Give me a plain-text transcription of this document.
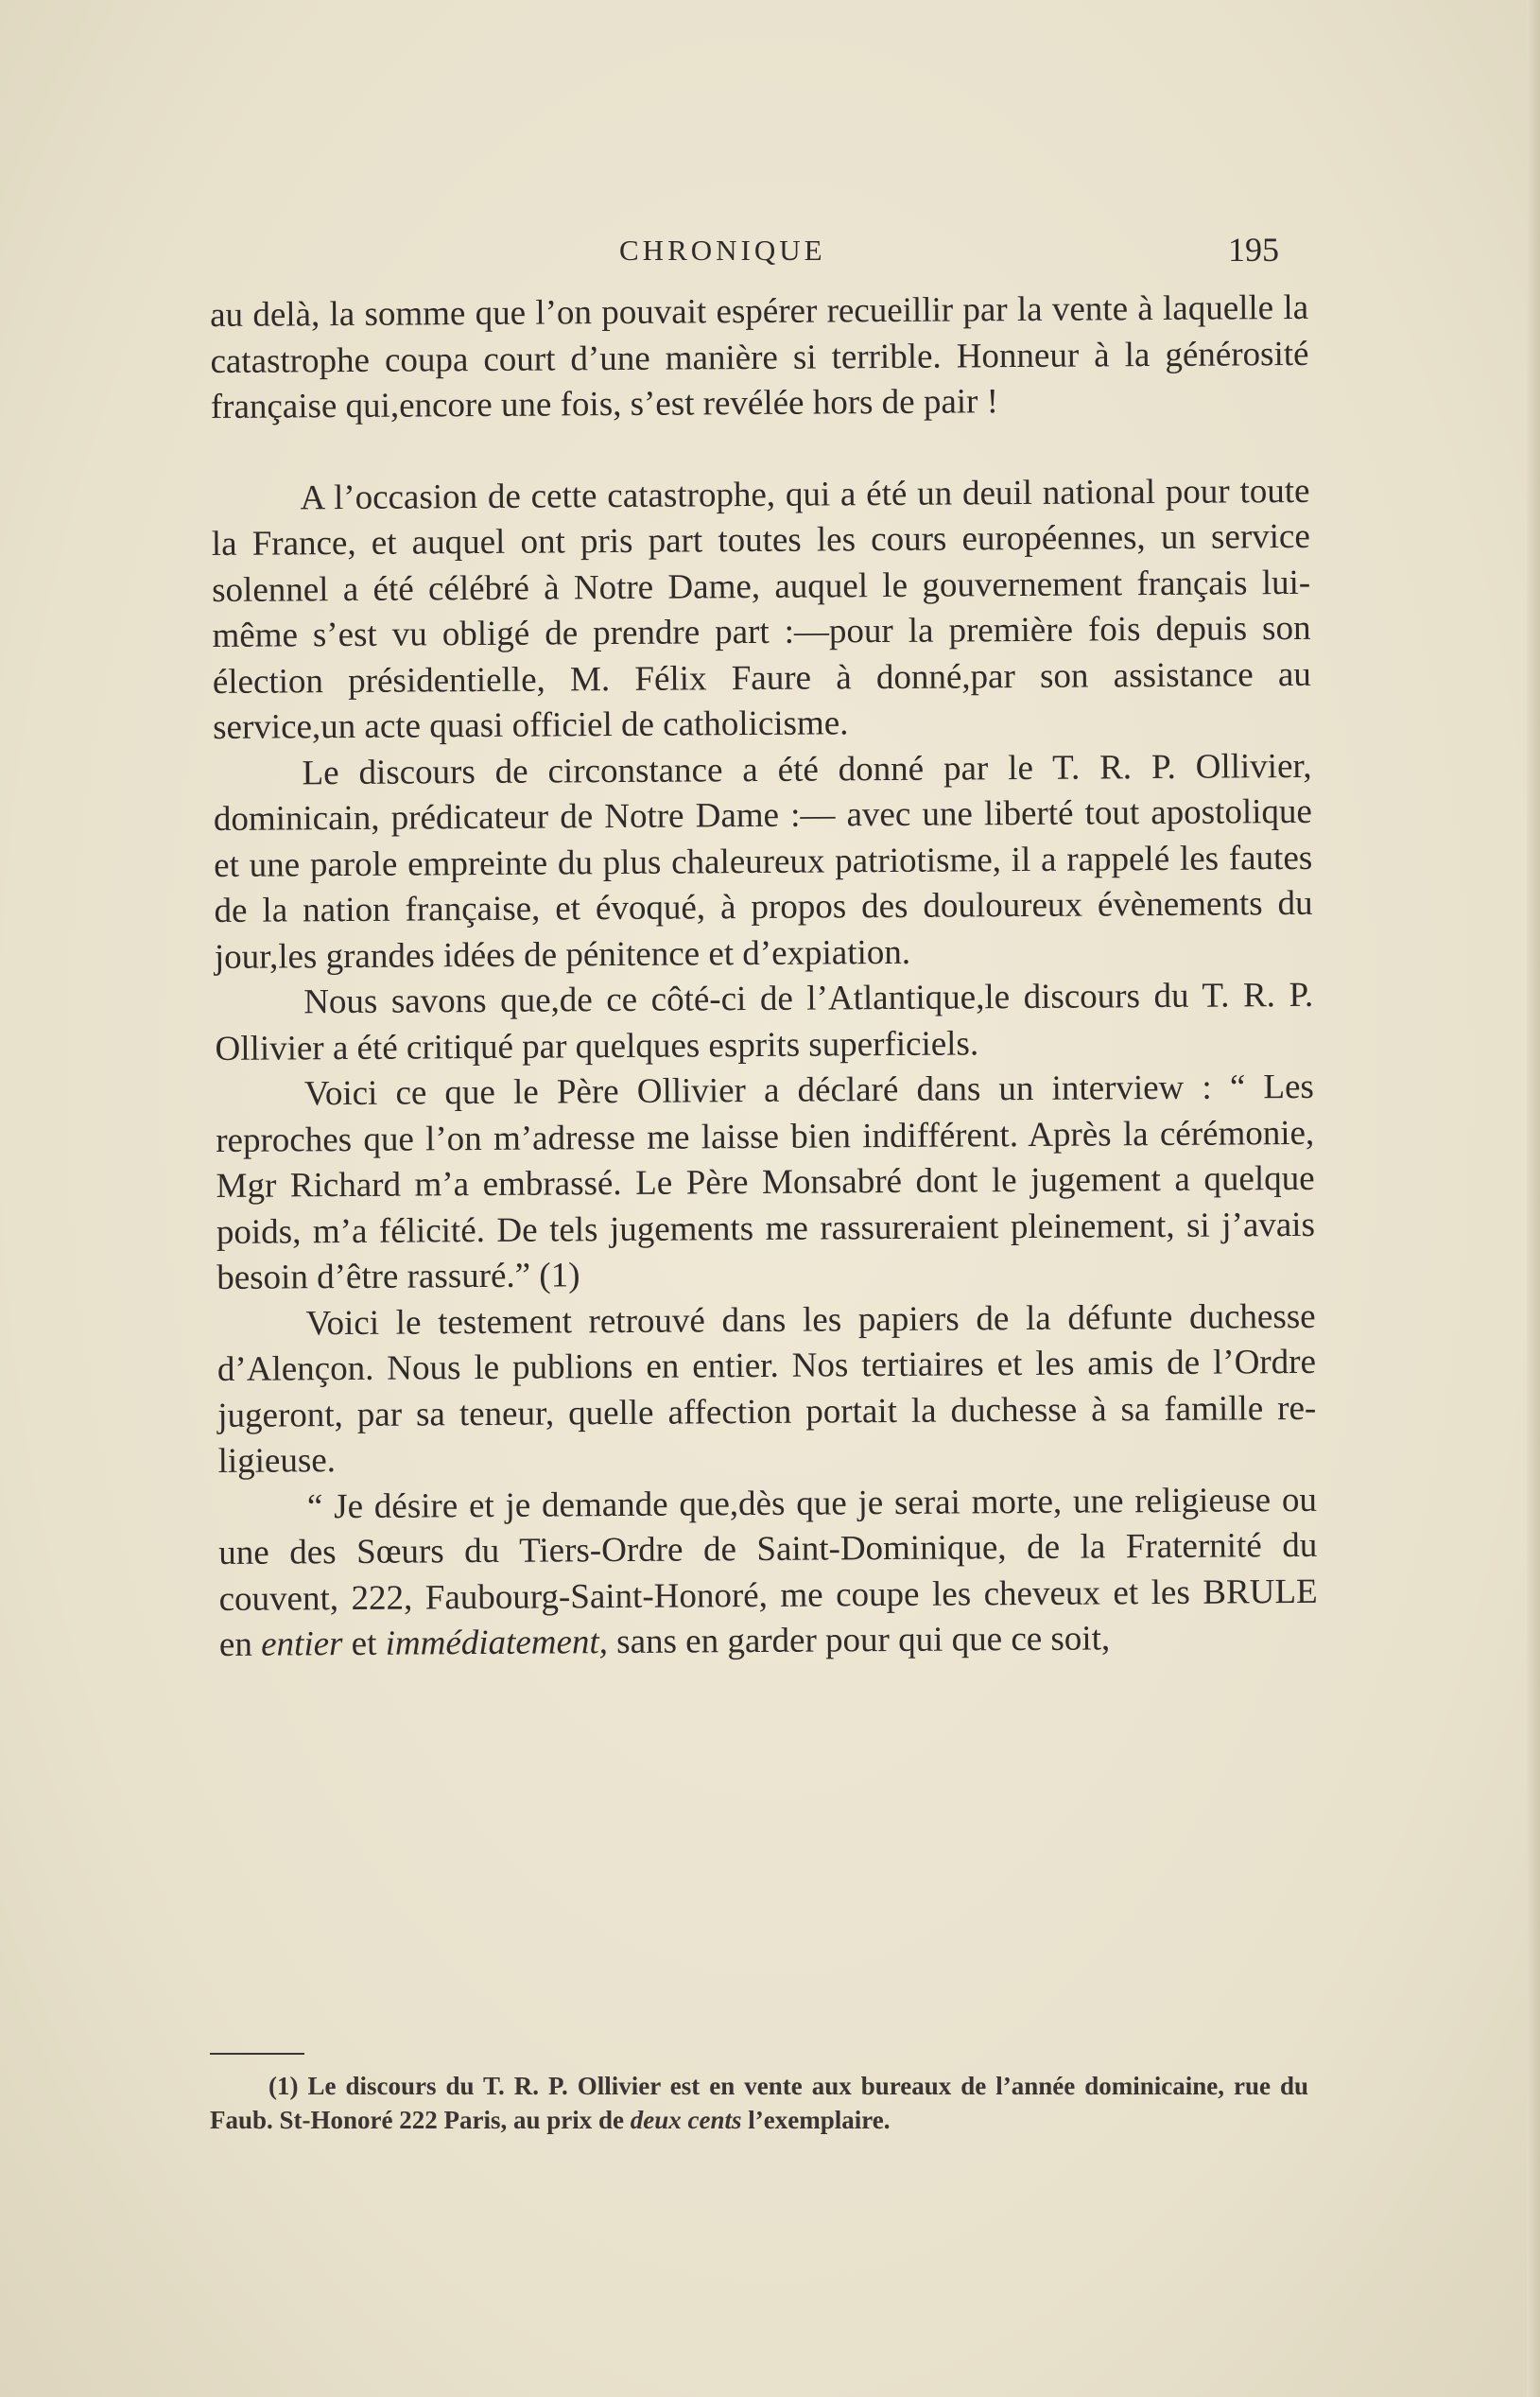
CHRONIQUE	195

au delà, la somme que l’on pouvait espérer recueillir par la vente à laquelle la catastrophe coupa court d’une manière si terrible. Honneur à la générosité française qui,encore une fois, s’est revélée hors de pair !

A l’occasion de cette catastrophe, qui a été un deuil national pour toute la France, et auquel ont pris part toutes les cours européennes, un service solennel a été célébré à Notre Dame, auquel le gouvernement français lui-même s’est vu obligé de prendre part :—pour la première fois depuis son élection présidentielle, M. Félix Faure à donné,par son assistance au service,un acte quasi officiel de catholicisme.

Le discours de circonstance a été donné par le T. R. P. Ollivier, dominicain, prédicateur de Notre Dame :— avec une liberté tout apostolique et une parole empreinte du plus chaleureux patriotisme, il a rappelé les fautes de la nation française, et évoqué, à propos des douloureux évènements du jour,les grandes idées de pénitence et d’expiation.

Nous savons que,de ce côté-ci de l’Atlantique,le discours du T. R. P. Ollivier a été critiqué par quelques esprits superficiels.

Voici ce que le Père Ollivier a déclaré dans un interview : “ Les reproches que l’on m’adresse me laisse bien indifférent. Après la cérémonie, Mgr Richard m’a embrassé. Le Père Monsabré dont le jugement a quelque poids, m’a félicité. De tels jugements me rassureraient pleinement, si j’avais besoin d’être rassuré.” (1)

Voici le testement retrouvé dans les papiers de la défunte duchesse d’Alençon. Nous le publions en entier. Nos tertiaires et les amis de l’Ordre jugeront, par sa teneur, quelle affection portait la duchesse à sa famille religieuse.

“ Je désire et je demande que,dès que je serai morte, une religieuse ou une des Sœurs du Tiers-Ordre de Saint-Dominique, de la Fraternité du couvent, 222, Faubourg-Saint-Honoré, me coupe les cheveux et les BRULE en entier et immédiatement, sans en garder pour qui que ce soit,

(1) Le discours du T. R. P. Ollivier est en vente aux bureaux de l’année dominicaine, rue du Faub. St-Honoré 222 Paris, au prix de deux cents l’exemplaire.
